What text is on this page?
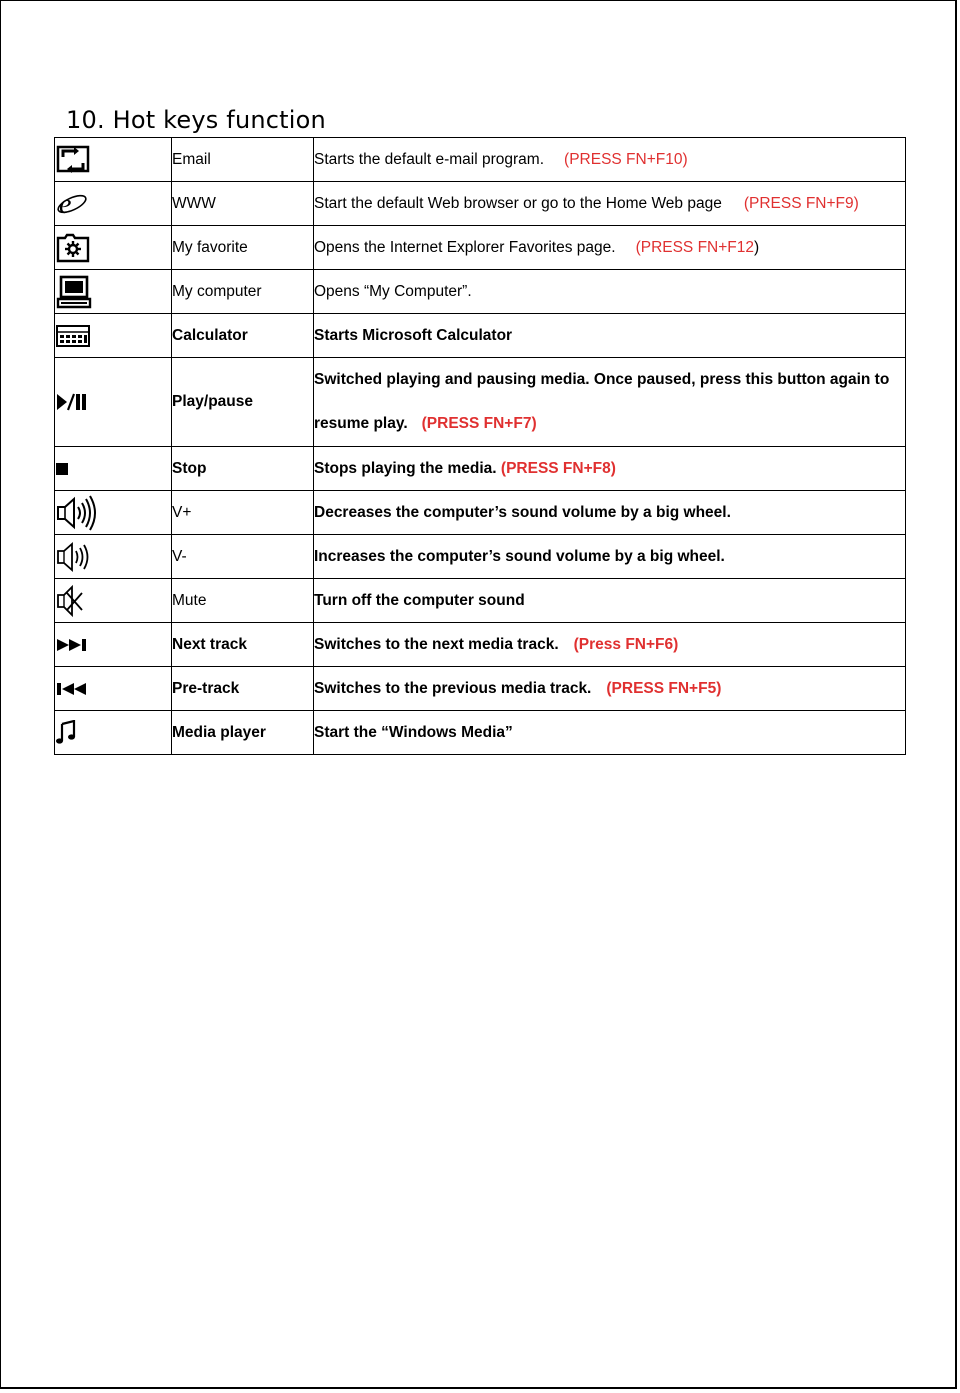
10. Hot keys function
	Email	Starts the default e-mail program. (PRESS FN+F10)

e	WWW	Start the default Web browser or go to the Home Web page (PRESS FN+F9)

	My favorite	Opens the Internet Explorer Favorites page. (PRESS FN+F12)

	My computer	Opens “My Computer”.

	Calculator	Starts Microsoft Calculator

	Play/pause	Switched playing and pausing media. Once paused, press this button again to
resume play. (PRESS FN+F7)

	Stop	Stops playing the media. (PRESS FN+F8)

	V+	Decreases the computer’s sound volume by a big wheel.

	V-	Increases the computer’s sound volume by a big wheel.

	Mute	Turn off the computer sound

	Next track	Switches to the next media track. (Press FN+F6)

	Pre-track	Switches to the previous media track. (PRESS FN+F5)

	Media player	Start the “Windows Media”
